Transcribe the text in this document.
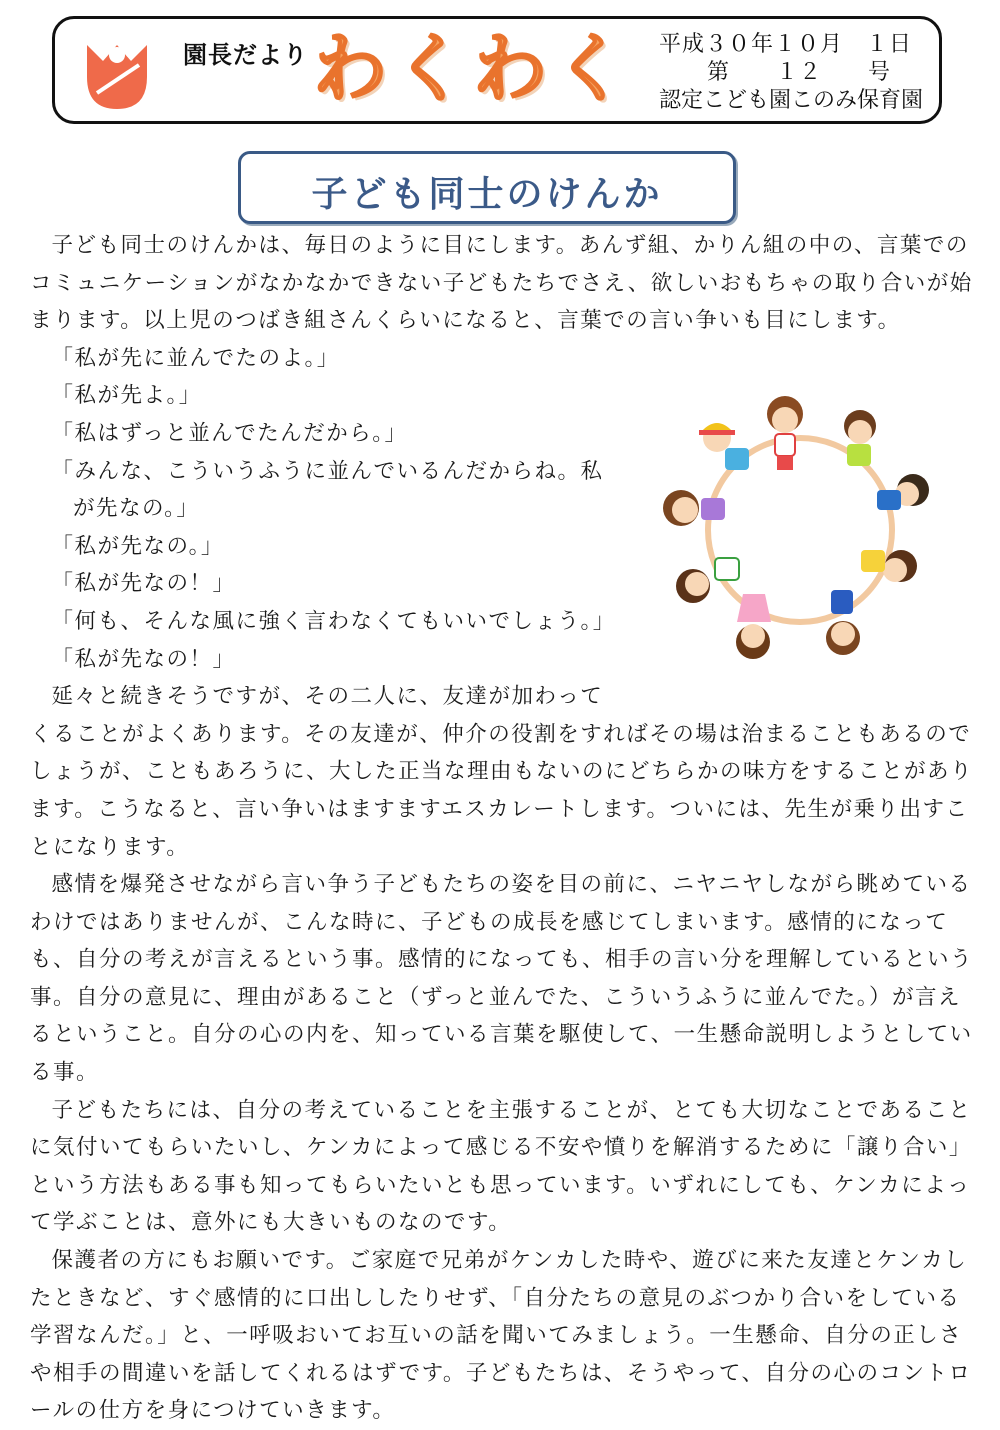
園長だより わくわく 平成３０年１０月　１日
第　　１２　　号
認定こども園このみ保育園
子ども同士のけんか

子ども同士のけんかは、毎日のように目にします。あんず組、かりん組の中の、言葉でのコミュニケーションがなかなかできない子どもたちでさえ、欲しいおもちゃの取り合いが始まります。以上児のつばき組さんくらいになると、言葉での言い争いも目にします。

「私が先に並んでたのよ。」
「私が先よ。」
「私はずっと並んでたんだから。」
「みんな、こういうふうに並んでいるんだからね。私
が先なの。」
「私が先なの。」
「私が先なの！」
「何も、そんな風に強く言わなくてもいいでしょう。」
「私が先なの！」

延々と続きそうですが、その二人に、友達が加わって

くることがよくあります。その友達が、仲介の役割をすればその場は治まることもあるのでしょうが、こともあろうに、大した正当な理由もないのにどちらかの味方をすることがあります。こうなると、言い争いはますますエスカレートします。ついには、先生が乗り出すことになります。

感情を爆発させながら言い争う子どもたちの姿を目の前に、ニヤニヤしながら眺めているわけではありませんが、こんな時に、子どもの成長を感じてしまいます。感情的になっても、自分の考えが言えるという事。感情的になっても、相手の言い分を理解しているという事。自分の意見に、理由があること（ずっと並んでた、こういうふうに並んでた。）が言えるということ。自分の心の内を、知っている言葉を駆使して、一生懸命説明しようとしている事。

子どもたちには、自分の考えていることを主張することが、とても大切なことであることに気付いてもらいたいし、ケンカによって感じる不安や憤りを解消するために「譲り合い」という方法もある事も知ってもらいたいとも思っています。いずれにしても、ケンカによって学ぶことは、意外にも大きいものなのです。

保護者の方にもお願いです。ご家庭で兄弟がケンカした時や、遊びに来た友達とケンカしたときなど、すぐ感情的に口出ししたりせず、「自分たちの意見のぶつかり合いをしている学習なんだ。」と、一呼吸おいてお互いの話を聞いてみましょう。一生懸命、自分の正しさや相手の間違いを話してくれるはずです。子どもたちは、そうやって、自分の心のコントロールの仕方を身につけていきます。
